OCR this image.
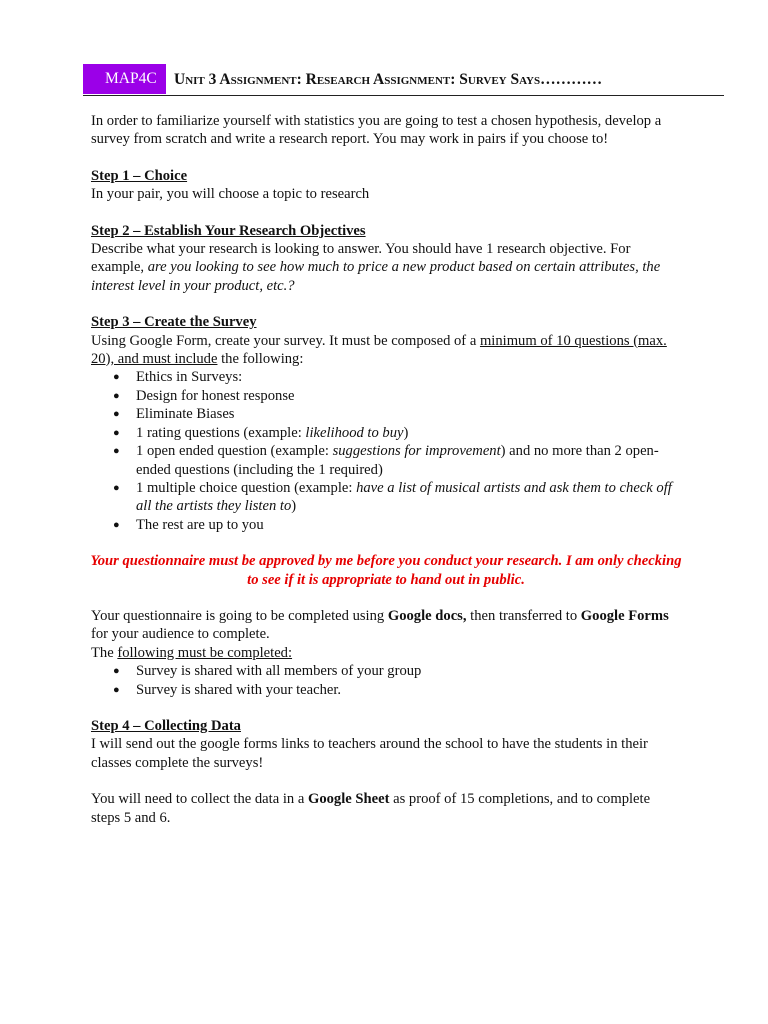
MAP4C	Unit 3 Assignment: Research Assignment: Survey Says…………

In order to familiarize yourself with statistics you are going to test a chosen hypothesis, develop a survey from scratch and write a research report. You may work in pairs if you choose to!

Step 1 – Choice

In your pair, you will choose a topic to research

Step 2 – Establish Your Research Objectives

Describe what your research is looking to answer. You should have 1 research objective. For example, are you looking to see how much to price a new product based on certain attributes, the interest level in your product, etc.?

Step 3 – Create the Survey

Using Google Form, create your survey. It must be composed of a minimum of 10 questions (max. 20), and must include the following:

● Ethics in Surveys:
● Design for honest response
● Eliminate Biases
● 1 rating questions (example: likelihood to buy)
● 1 open ended question (example: suggestions for improvement) and no more than 2 open-ended questions (including the 1 required)
● 1 multiple choice question (example: have a list of musical artists and ask them to check off all the artists they listen to)
● The rest are up to you

Your questionnaire must be approved by me before you conduct your research. I am only checking to see if it is appropriate to hand out in public.

Your questionnaire is going to be completed using Google docs, then transferred to Google Forms for your audience to complete.

The following must be completed:

● Survey is shared with all members of your group
● Survey is shared with your teacher.

Step 4 – Collecting Data

I will send out the google forms links to teachers around the school to have the students in their classes complete the surveys!

You will need to collect the data in a Google Sheet as proof of 15 completions, and to complete steps 5 and 6.
